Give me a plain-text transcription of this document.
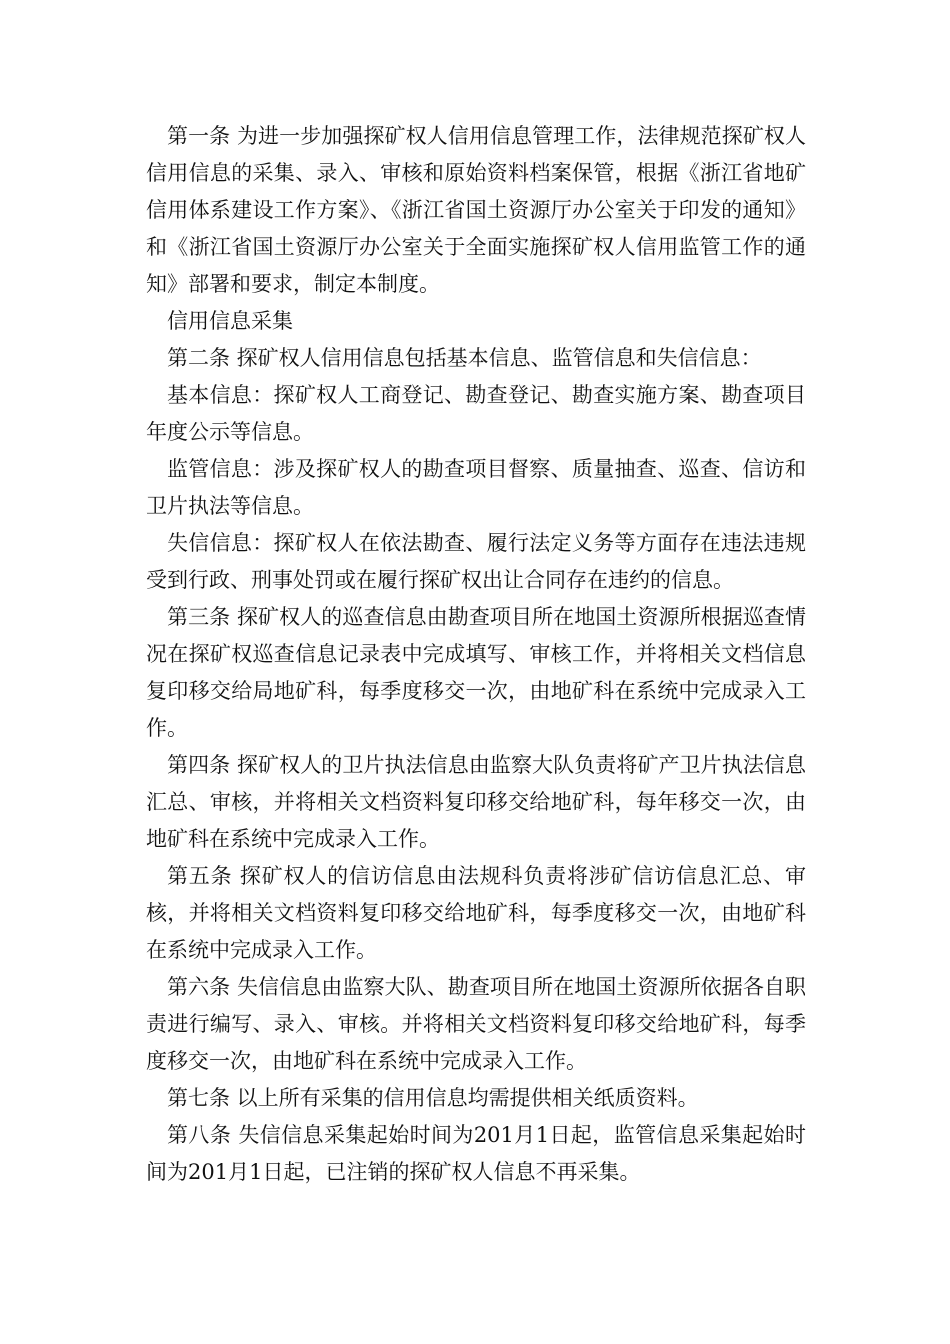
第一条 为进一步加强探矿权人信用信息管理工作，法律规范探矿权人信用信息的采集、录入、审核和原始资料档案保管，根据《浙江省地矿信用体系建设工作方案》、《浙江省国土资源厅办公室关于印发的通知》和《浙江省国土资源厅办公室关于全面实施探矿权人信用监管工作的通知》部署和要求，制定本制度。

信用信息采集

第二条 探矿权人信用信息包括基本信息、监管信息和失信信息：

基本信息：探矿权人工商登记、勘查登记、勘查实施方案、勘查项目年度公示等信息。

监管信息：涉及探矿权人的勘查项目督察、质量抽查、巡查、信访和卫片执法等信息。

失信信息：探矿权人在依法勘查、履行法定义务等方面存在违法违规受到行政、刑事处罚或在履行探矿权出让合同存在违约的信息。

第三条 探矿权人的巡查信息由勘查项目所在地国土资源所根据巡查情况在探矿权巡查信息记录表中完成填写、审核工作，并将相关文档信息复印移交给局地矿科，每季度移交一次，由地矿科在系统中完成录入工作。

第四条 探矿权人的卫片执法信息由监察大队负责将矿产卫片执法信息汇总、审核，并将相关文档资料复印移交给地矿科，每年移交一次，由地矿科在系统中完成录入工作。

第五条 探矿权人的信访信息由法规科负责将涉矿信访信息汇总、审核，并将相关文档资料复印移交给地矿科，每季度移交一次，由地矿科在系统中完成录入工作。

第六条 失信信息由监察大队、勘查项目所在地国土资源所依据各自职责进行编写、录入、审核。并将相关文档资料复印移交给地矿科，每季度移交一次，由地矿科在系统中完成录入工作。

第七条 以上所有采集的信用信息均需提供相关纸质资料。

第八条 失信信息采集起始时间为201月1日起，监管信息采集起始时间为201月1日起，已注销的探矿权人信息不再采集。
